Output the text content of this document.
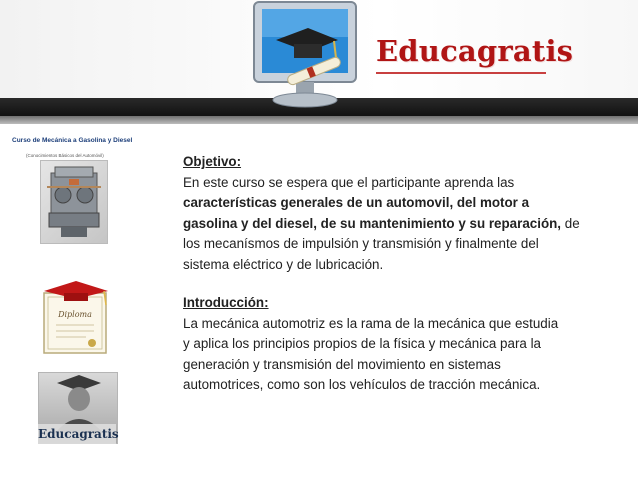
Educagratis
Curso de Mecánica a Gasolina y Diesel
(Conocimientos Básicos del Automóvil)
Diploma
Educagratis

Objetivo:

En este curso se espera que el participante aprenda las

características generales de un automovil, del motor a

gasolina y del diesel, de su mantenimiento y su reparación, de

los mecanísmos de impulsión y transmisión y finalmente del

sistema eléctrico y de lubricación.

Introducción:

La mecánica automotriz es la rama de la mecánica que estudia

y aplica los principios propios de la física y mecánica para la

generación y transmisión del movimiento en sistemas

automotrices, como son los vehículos de tracción mecánica.
